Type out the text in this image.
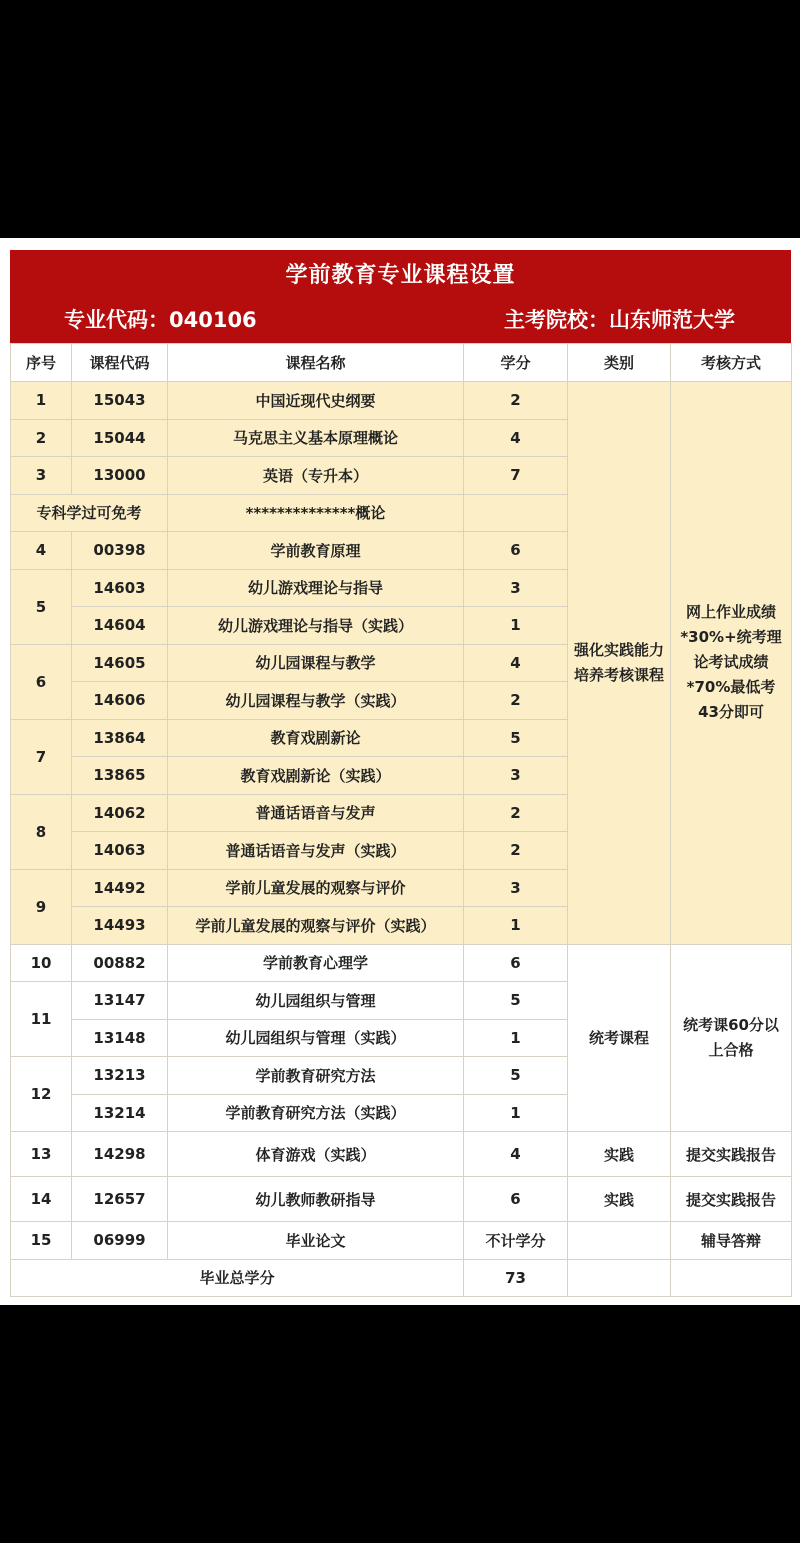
学前教育专业课程设置
专业代码：040106	主考院校：山东师范大学
序号	课程代码	课程名称	学分	类别	考核方式
1	15043	中国近现代史纲要	2	强化实践能力培养考核课程	网上作业成绩*30%+统考理论考试成绩*70%最低考43分即可
2	15044	马克思主义基本原理概论	4		
3	13000	英语（专升本）	7		
专科学过可免考		**************概论			
4	00398	学前教育原理	6		
5	14603	幼儿游戏理论与指导	3		
	14604	幼儿游戏理论与指导（实践）	1		
6	14605	幼儿园课程与教学	4		
	14606	幼儿园课程与教学（实践）	2		
7	13864	教育戏剧新论	5		
	13865	教育戏剧新论（实践）	3		
8	14062	普通话语音与发声	2		
	14063	普通话语音与发声（实践）	2		
9	14492	学前儿童发展的观察与评价	3		
	14493	学前儿童发展的观察与评价（实践）	1		
10	00882	学前教育心理学	6	统考课程	统考课60分以上合格
11	13147	幼儿园组织与管理	5		
	13148	幼儿园组织与管理（实践）	1		
12	13213	学前教育研究方法	5		
	13214	学前教育研究方法（实践）	1		
13	14298	体育游戏（实践）	4	实践	提交实践报告
14	12657	幼儿教师教研指导	6	实践	提交实践报告
15	06999	毕业论文	不计学分		辅导答辩
毕业总学分			73		
